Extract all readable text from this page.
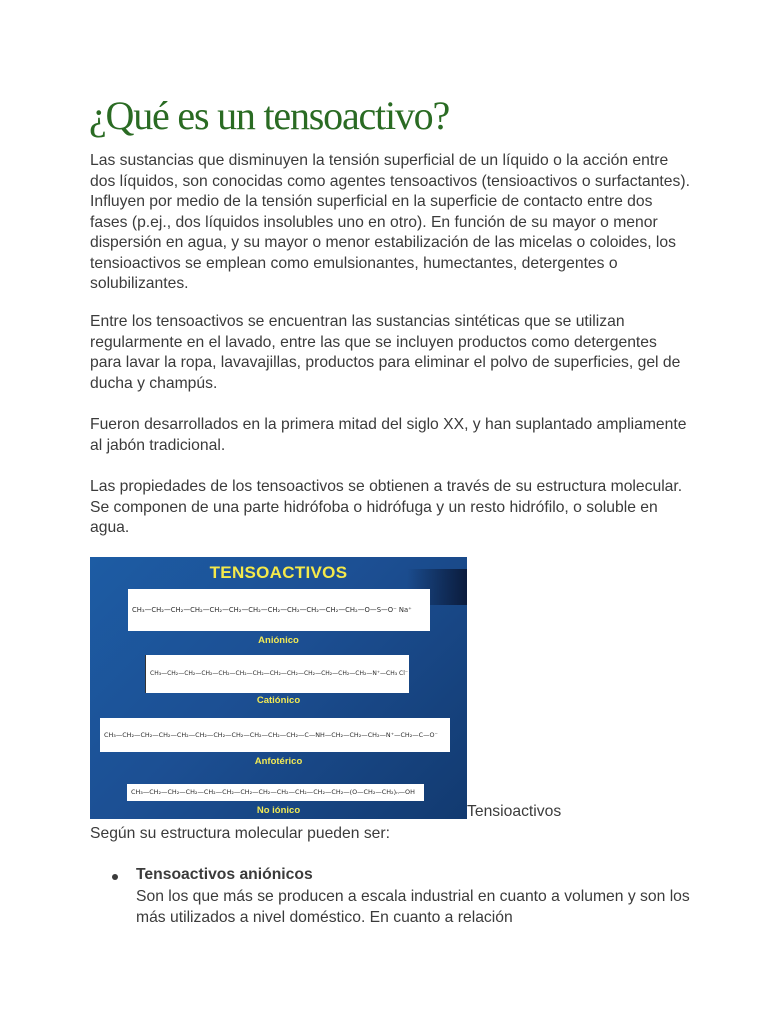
¿Qué es un tensoactivo?

Las sustancias que disminuyen la tensión superficial de un líquido o la acción entre dos líquidos, son conocidas como agentes tensoactivos (tensioactivos o surfactantes). Influyen por medio de la tensión superficial en la superficie de contacto entre dos fases (p.ej., dos líquidos insolubles uno en otro). En función de su mayor o menor dispersión en agua, y su mayor o menor estabilización de las micelas o coloides, los tensioactivos se emplean como emulsionantes, humectantes, detergentes o solubilizantes.

Entre los tensoactivos se encuentran las sustancias sintéticas que se utilizan regularmente en el lavado, entre las que se incluyen productos como detergentes para lavar la ropa, lavavajillas, productos para eliminar el polvo de superficies, gel de ducha y champús.

Fueron desarrollados en la primera mitad del siglo XX, y han suplantado ampliamente al jabón tradicional.

Las propiedades de los tensoactivos se obtienen a través de su estructura molecular. Se componen de una parte hidrófoba o hidrófuga y un resto hidrófilo, o soluble en agua.

TENSOACTIVOS
CH₃—CH₂—CH₂—CH₂—CH₂—CH₂—CH₂—CH₂—CH₂—CH₂—CH₂—CH₂—O—S—O⁻ Na⁺
Aniónico
CH₃—CH₂—CH₂—CH₂—CH₂—CH₂—CH₂—CH₂—CH₂—CH₂—CH₂—CH₂—CH₂—N⁺—CH₃ Cl⁻
Catiónico
CH₃—CH₂—CH₂—CH₂—CH₂—CH₂—CH₂—CH₂—CH₂—CH₂—CH₂—C—NH—CH₂—CH₂—CH₂—N⁺—CH₂—C—O⁻
Anfotérico
CH₃—CH₂—CH₂—CH₂—CH₂—CH₂—CH₂—CH₂—CH₂—CH₂—CH₂—CH₂—(O—CH₂—CH₂)ₙ—OH
No iónico	Tensioactivos

Según su estructura molecular pueden ser:

Tensoactivos aniónicos
Son los que más se producen a escala industrial en cuanto a volumen y son los más utilizados a nivel doméstico. En cuanto a relación
